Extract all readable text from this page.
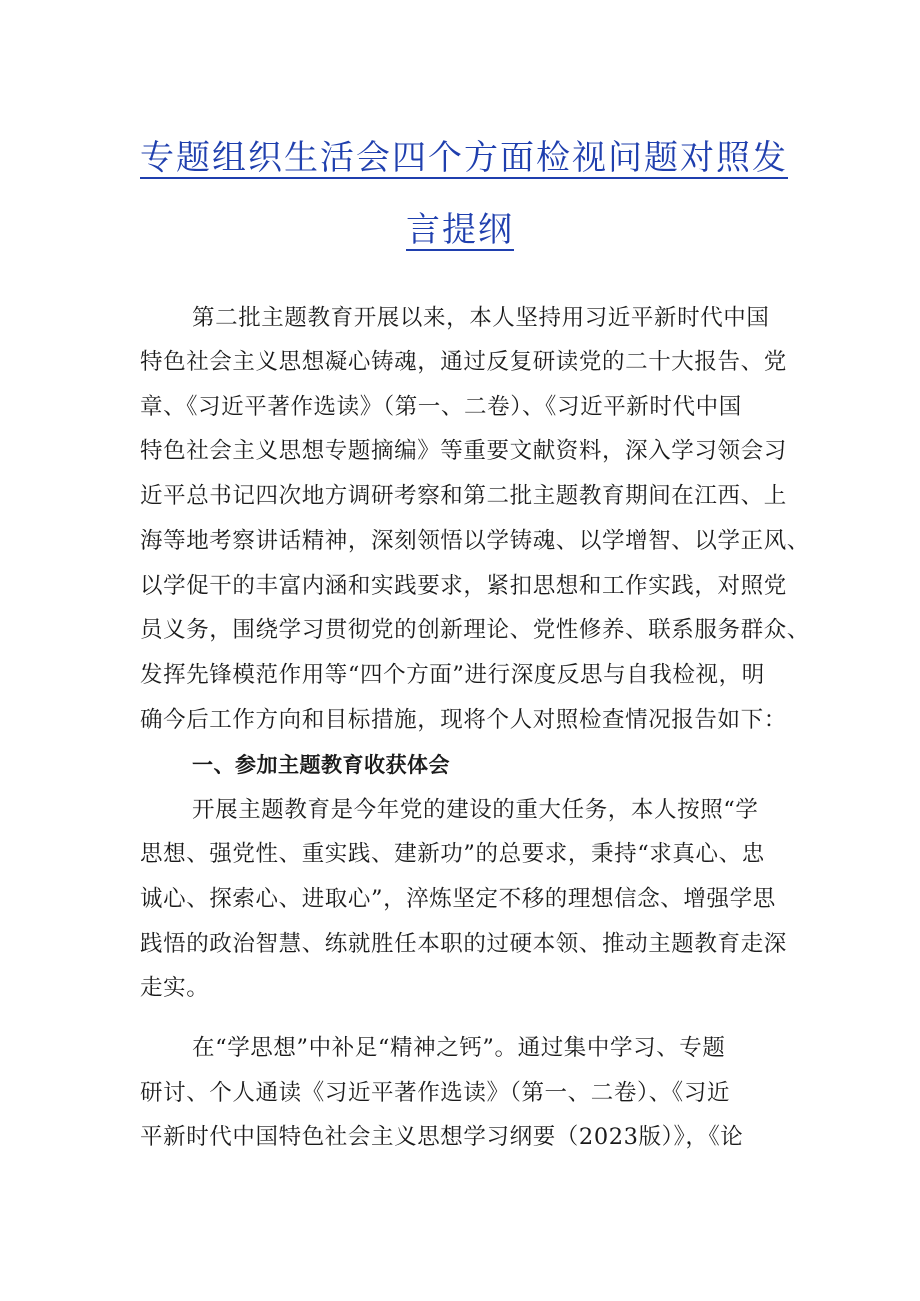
专题组织生活会四个方面检视问题对照发
言提纲
第二批主题教育开展以来，本人坚持用习近平新时代中国
特色社会主义思想凝心铸魂，通过反复研读党的二十大报告、党
章、《习近平著作选读》（第一、二卷）、《习近平新时代中国
特色社会主义思想专题摘编》等重要文献资料，深入学习领会习
近平总书记四次地方调研考察和第二批主题教育期间在江西、上
海等地考察讲话精神，深刻领悟以学铸魂、以学增智、以学正风、
以学促干的丰富内涵和实践要求，紧扣思想和工作实践，对照党
员义务，围绕学习贯彻党的创新理论、党性修养、联系服务群众、
发挥先锋模范作用等“四个方面”进行深度反思与自我检视，明
确今后工作方向和目标措施，现将个人对照检查情况报告如下：
一、参加主题教育收获体会
开展主题教育是今年党的建设的重大任务，本人按照“学
思想、强党性、重实践、建新功”的总要求，秉持“求真心、忠
诚心、探索心、进取心”，淬炼坚定不移的理想信念、增强学思
践悟的政治智慧、练就胜任本职的过硬本领、推动主题教育走深
走实。
在“学思想”中补足“精神之钙”。通过集中学习、专题
研讨、个人通读《习近平著作选读》（第一、二卷）、《习近
平新时代中国特色社会主义思想学习纲要（2023版）》，《论
